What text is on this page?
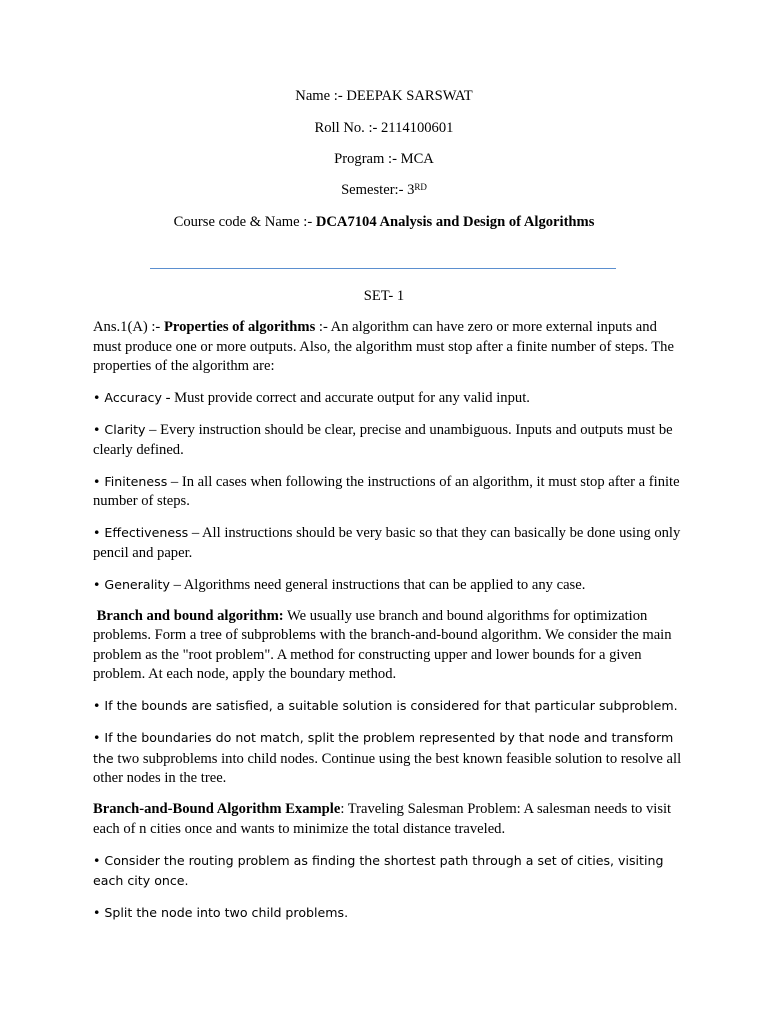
Name :- DEEPAK SARSWAT
Roll No. :- 2114100601
Program :- MCA
Semester:- 3RD
Course code & Name :- DCA7104 Analysis and Design of Algorithms
SET- 1

Ans.1(A) :- Properties of algorithms :- An algorithm can have zero or more external inputs and must produce one or more outputs. Also, the algorithm must stop after a finite number of steps. The properties of the algorithm are:

• Accuracy - Must provide correct and accurate output for any valid input.

• Clarity – Every instruction should be clear, precise and unambiguous. Inputs and outputs must be clearly defined.

• Finiteness – In all cases when following the instructions of an algorithm, it must stop after a finite number of steps.

• Effectiveness – All instructions should be very basic so that they can basically be done using only pencil and paper.

• Generality – Algorithms need general instructions that can be applied to any case.

Branch and bound algorithm: We usually use branch and bound algorithms for optimization problems. Form a tree of subproblems with the branch-and-bound algorithm. We consider the main problem as the "root problem". A method for constructing upper and lower bounds for a given problem. At each node, apply the boundary method.

• If the bounds are satisfied, a suitable solution is considered for that particular subproblem.

• If the boundaries do not match, split the problem represented by that node and transform the two subproblems into child nodes. Continue using the best known feasible solution to resolve all other nodes in the tree.

Branch-and-Bound Algorithm Example: Traveling Salesman Problem: A salesman needs to visit each of n cities once and wants to minimize the total distance traveled.

• Consider the routing problem as finding the shortest path through a set of cities, visiting each city once.

• Split the node into two child problems.
